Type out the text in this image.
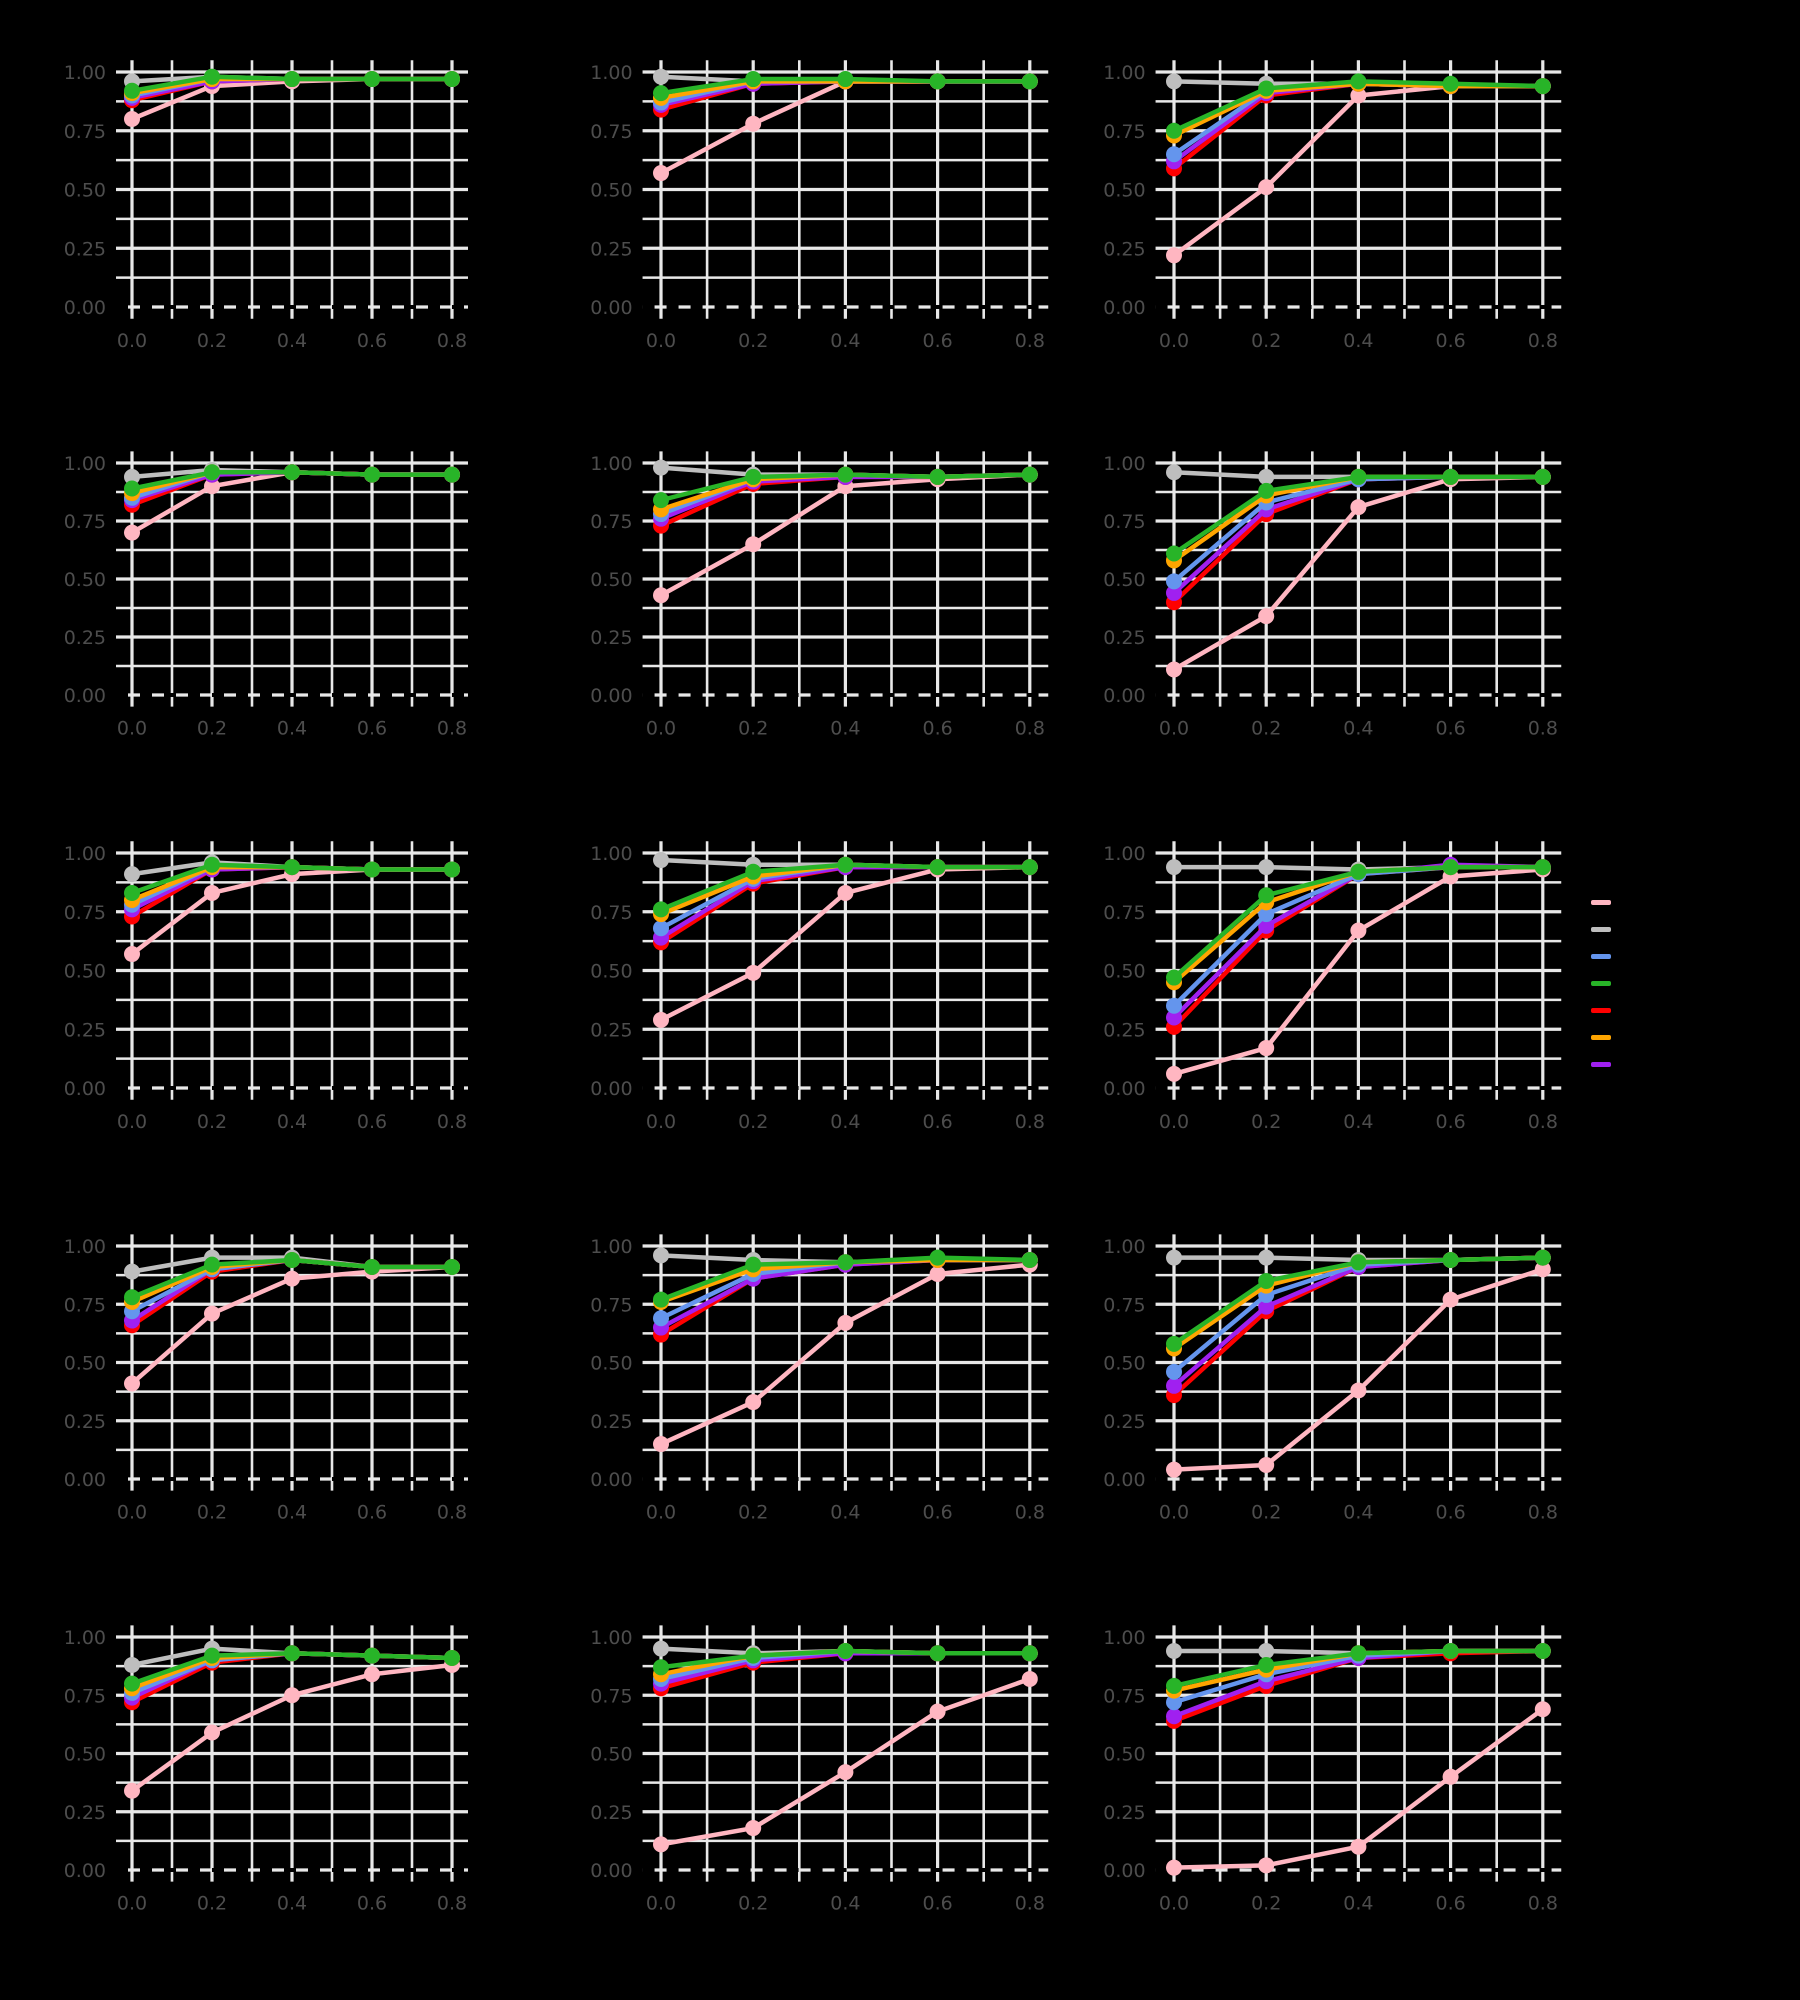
0.0	0.2	0.4	0.6	0.8
0.00
0.25
0.50
0.75
1.00
0.0	0.2	0.4	0.6	0.8
0.00
0.25
0.50
0.75
1.00
0.0	0.2	0.4	0.6	0.8
0.00
0.25
0.50
0.75
1.00
0.0	0.2	0.4	0.6	0.8
0.00
0.25
0.50
0.75
1.00
0.0	0.2	0.4	0.6	0.8
0.00
0.25
0.50
0.75
1.00
0.0	0.2	0.4	0.6	0.8
0.00
0.25
0.50
0.75
1.00
0.0	0.2	0.4	0.6	0.8
0.00
0.25
0.50
0.75
1.00
0.0	0.2	0.4	0.6	0.8
0.00
0.25
0.50
0.75
1.00
0.0	0.2	0.4	0.6	0.8
0.00
0.25
0.50
0.75
1.00
0.0	0.2	0.4	0.6	0.8
0.00
0.25
0.50
0.75
1.00
0.0	0.2	0.4	0.6	0.8
0.00
0.25
0.50
0.75
1.00
0.0	0.2	0.4	0.6	0.8
0.00
0.25
0.50
0.75
1.00
0.0	0.2	0.4	0.6	0.8
0.00
0.25
0.50
0.75
1.00
0.0	0.2	0.4	0.6	0.8
0.00
0.25
0.50
0.75
1.00
0.0	0.2	0.4	0.6	0.8
0.00
0.25
0.50
0.75
1.00
